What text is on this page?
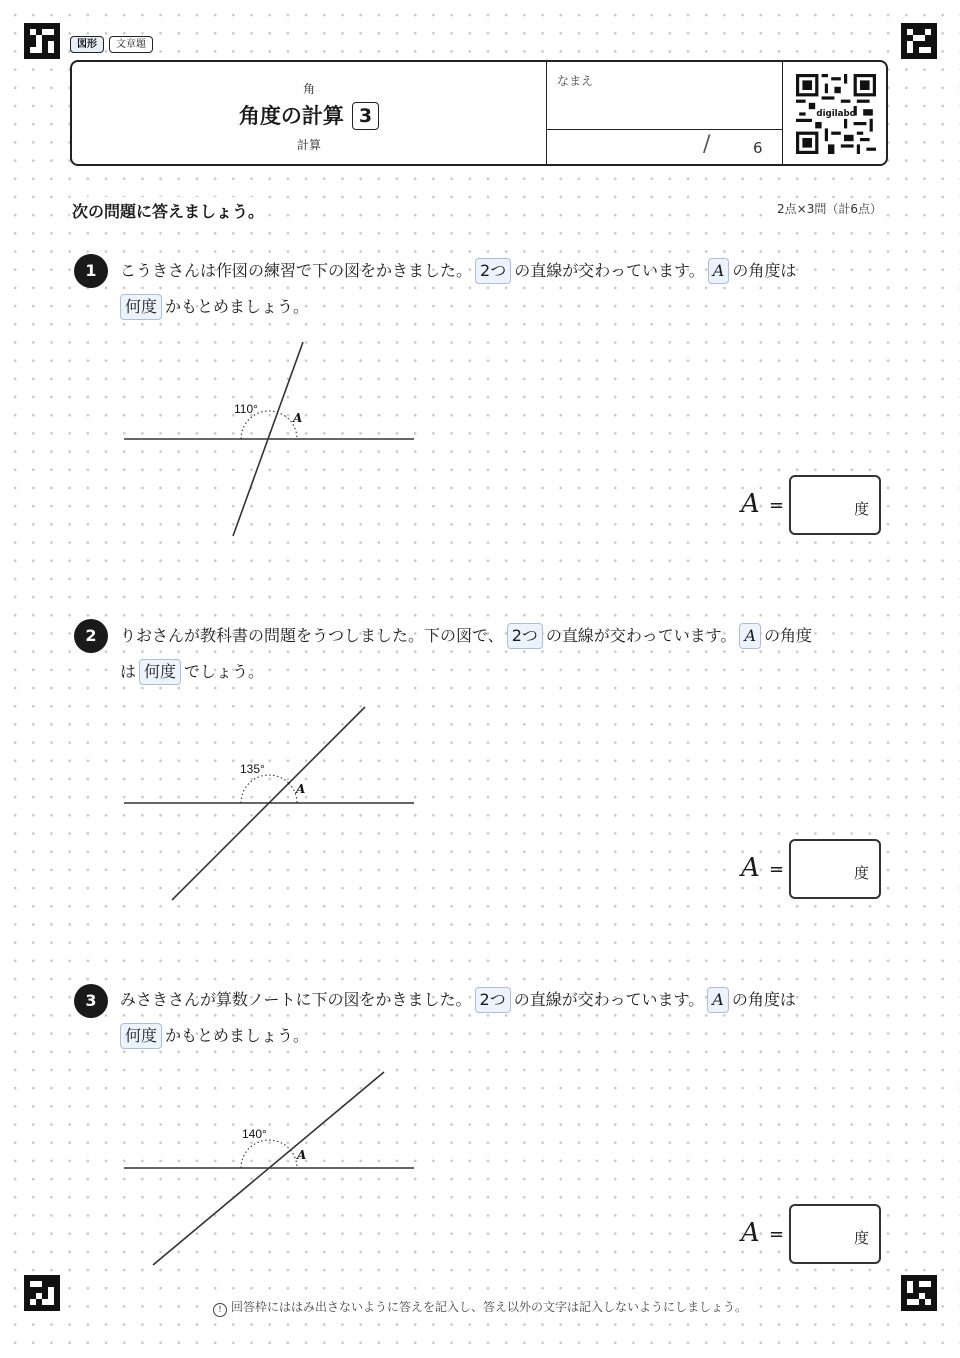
図形	文章題
角
角度の計算 3
計算
なまえ
/	6
digilabo
次の問題に答えましょう。	2点×3問（計6点）
1	こうきさんは作図の練習で下の図をかきました。 2つ の直線が交わっています。 A の角度は
何度 かもとめましょう。
110°
A
A =	度
2	りおさんが教科書の問題をうつしました。下の図で、 2つ の直線が交わっています。 A の角度
は 何度 でしょう。
135°
A
A =	度
3	みさきさんが算数ノートに下の図をかきました。 2つ の直線が交わっています。 A の角度は
何度 かもとめましょう。
140°
A
A =	度
! 回答枠にははみ出さないように答えを記入し、答え以外の文字は記入しないようにしましょう。
